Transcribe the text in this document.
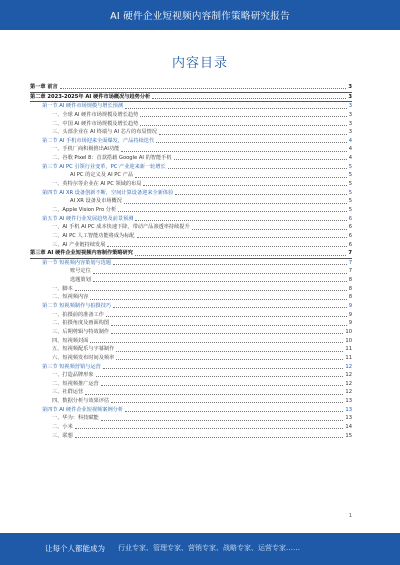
AI 硬件企业短视频内容制作策略研究报告
内容目录
第一章 前言	3
第二章 2023-2025年 AI 硬件市场概况与趋势分析	3
第一节 AI 硬件市场规模与增长预测	3
一、全球 AI 硬件市场规模及增长趋势	3
二、中国 AI 硬件市场规模及增长趋势	3
三、头部企业在 AI 终端与 AI 芯片的布局情况	3
第二节 AI 手机市场迎来全面爆发，产品持续迭代	4
一、手机厂商积极推出AI功能	4
二、谷歌 Pixel 8：首款搭载 Google AI 的智能手机	4
第三节 AI PC 引领行业变革，PC 产业迎来新一轮增长	5
AI PC 的定义及 AI PC 产品	5
一、英特尔等企业在 AI PC 领域的布局	5
第四节 AI XR 设备创新不断，空间计算设备迎来全新体验	5
AI XR 设备及市场概况	5
二、Apple Vision Pro 分析	5
第五节 AI 硬件行业发展趋势及前景预测	6
一、AI 手机 AI PC 成本快速下降，带动产品渗透率持续提升	6
二、AI PC 人工智能功能将成为标配	6
三、AI 产业链持续发展	6
第三章 AI 硬件企业短视频内容制作策略研究	7
第一节 短视频内容策划与选题	7
账号定位	7
选题策划	8
一、脚本	8
二、短视频内容	8
第二节 短视频制作与拍摄技巧	9
一、拍摄前的准备工作	9
二、拍摄角度及画面构图	9
三、后期剪辑与特效制作	10
四、短视频封面	10
五、短视频配乐与字幕制作	11
六、短视频发布时间及频率	11
第三节 短视频营销与运营	12
一、打造品牌形象	12
二、短视频推广运营	12
三、社群运营	12
四、数据分析与效果评估	13
第四节 AI 硬件企业短视频案例分析	13
一、华为：科技赋能	13
二、小米	14
三、联想	15
1
让每个人都能成为 行业专家、管理专家、营销专家、战略专家、运营专家……
